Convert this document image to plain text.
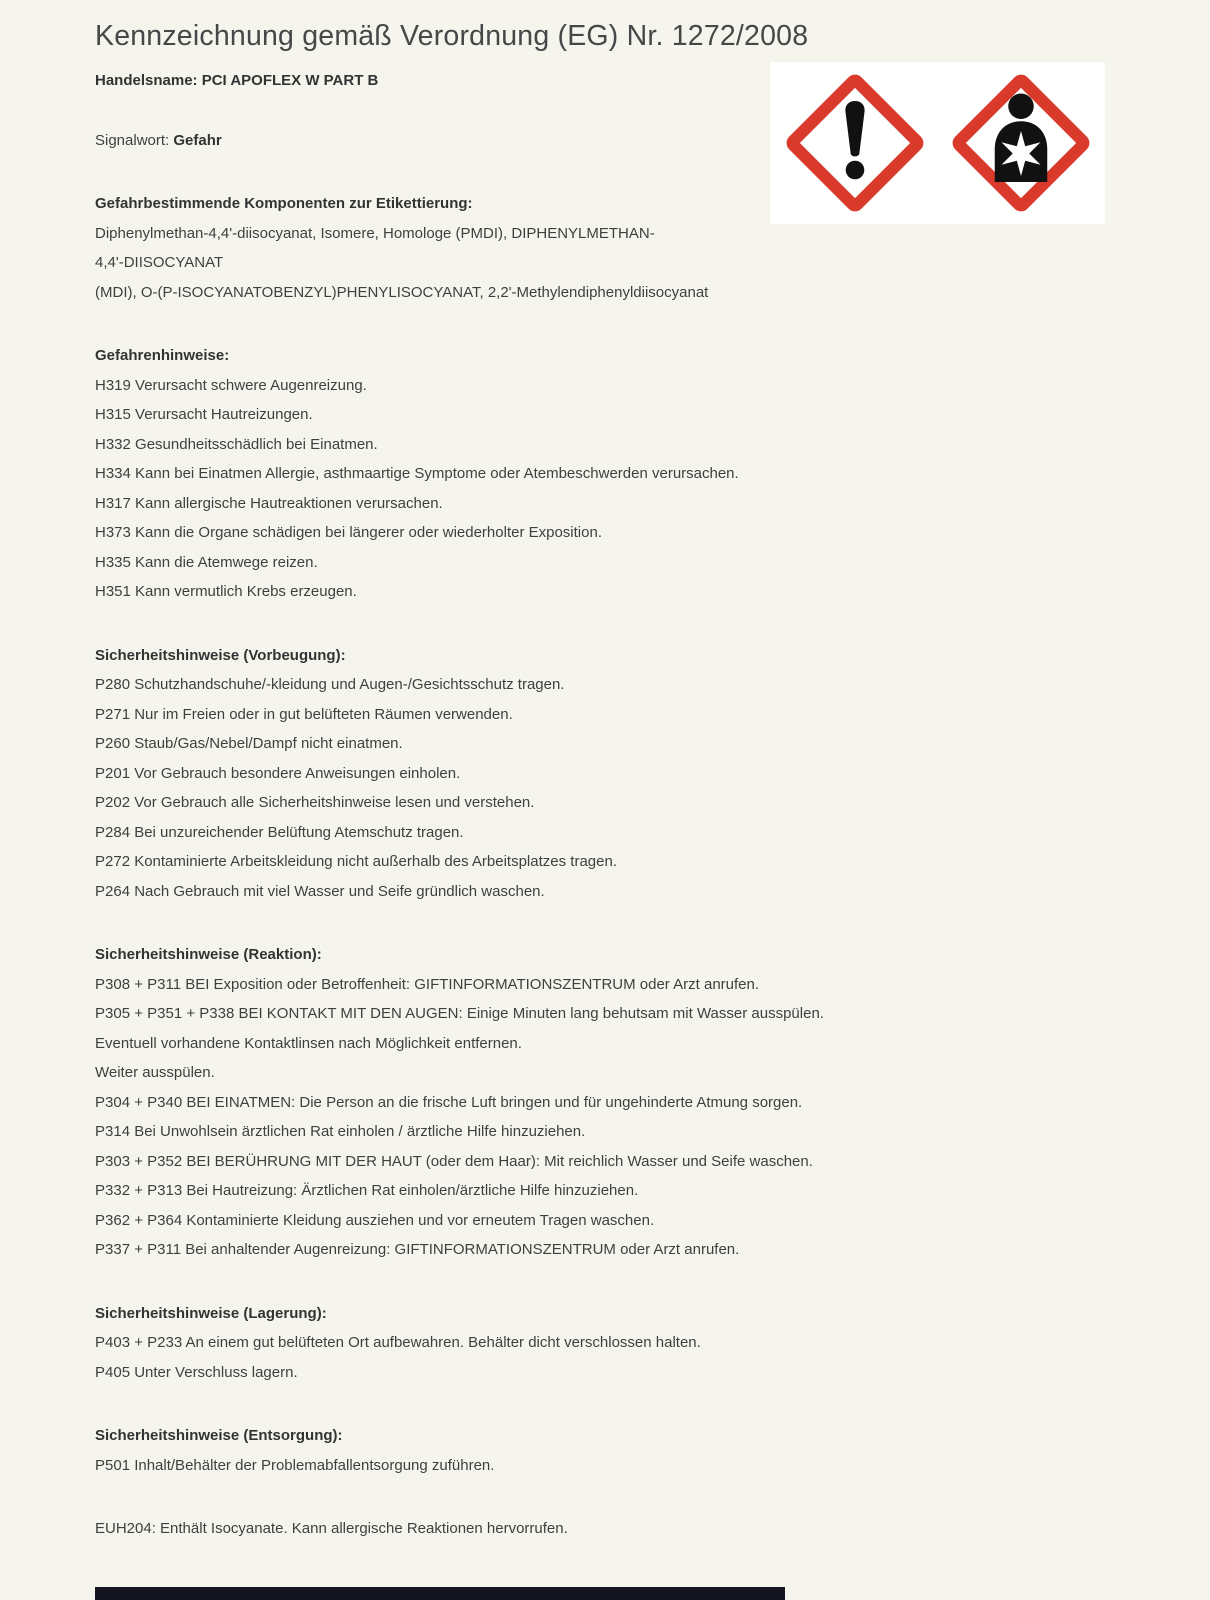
Kennzeichnung gemäß Verordnung (EG) Nr. 1272/2008

Handelsname: PCI APOFLEX W PART B

Signalwort: Gefahr

Gefahrbestimmende Komponenten zur Etikettierung:

Diphenylmethan-4,4'-diisocyanat, Isomere, Homologe (PMDI), DIPHENYLMETHAN-

4,4'-DIISOCYANAT

(MDI), O-(P-ISOCYANATOBENZYL)PHENYLISOCYANAT, 2,2'-Methylendiphenyldiisocyanat

Gefahrenhinweise:

H319 Verursacht schwere Augenreizung.

H315 Verursacht Hautreizungen.

H332 Gesundheitsschädlich bei Einatmen.

H334 Kann bei Einatmen Allergie, asthmaartige Symptome oder Atembeschwerden verursachen.

H317 Kann allergische Hautreaktionen verursachen.

H373 Kann die Organe schädigen bei längerer oder wiederholter Exposition.

H335 Kann die Atemwege reizen.

H351 Kann vermutlich Krebs erzeugen.

Sicherheitshinweise (Vorbeugung):

P280 Schutzhandschuhe/-kleidung und Augen-/Gesichtsschutz tragen.

P271 Nur im Freien oder in gut belüfteten Räumen verwenden.

P260 Staub/Gas/Nebel/Dampf nicht einatmen.

P201 Vor Gebrauch besondere Anweisungen einholen.

P202 Vor Gebrauch alle Sicherheitshinweise lesen und verstehen.

P284 Bei unzureichender Belüftung Atemschutz tragen.

P272 Kontaminierte Arbeitskleidung nicht außerhalb des Arbeitsplatzes tragen.

P264 Nach Gebrauch mit viel Wasser und Seife gründlich waschen.

Sicherheitshinweise (Reaktion):

P308 + P311 BEI Exposition oder Betroffenheit: GIFTINFORMATIONSZENTRUM oder Arzt anrufen.

P305 + P351 + P338 BEI KONTAKT MIT DEN AUGEN: Einige Minuten lang behutsam mit Wasser ausspülen.

Eventuell vorhandene Kontaktlinsen nach Möglichkeit entfernen.

Weiter ausspülen.

P304 + P340 BEI EINATMEN: Die Person an die frische Luft bringen und für ungehinderte Atmung sorgen.

P314 Bei Unwohlsein ärztlichen Rat einholen / ärztliche Hilfe hinzuziehen.

P303 + P352 BEI BERÜHRUNG MIT DER HAUT (oder dem Haar): Mit reichlich Wasser und Seife waschen.

P332 + P313 Bei Hautreizung: Ärztlichen Rat einholen/ärztliche Hilfe hinzuziehen.

P362 + P364 Kontaminierte Kleidung ausziehen und vor erneutem Tragen waschen.

P337 + P311 Bei anhaltender Augenreizung: GIFTINFORMATIONSZENTRUM oder Arzt anrufen.

Sicherheitshinweise (Lagerung):

P403 + P233 An einem gut belüfteten Ort aufbewahren. Behälter dicht verschlossen halten.

P405 Unter Verschluss lagern.

Sicherheitshinweise (Entsorgung):

P501 Inhalt/Behälter der Problemabfallentsorgung zuführen.

EUH204: Enthält Isocyanate. Kann allergische Reaktionen hervorrufen.
